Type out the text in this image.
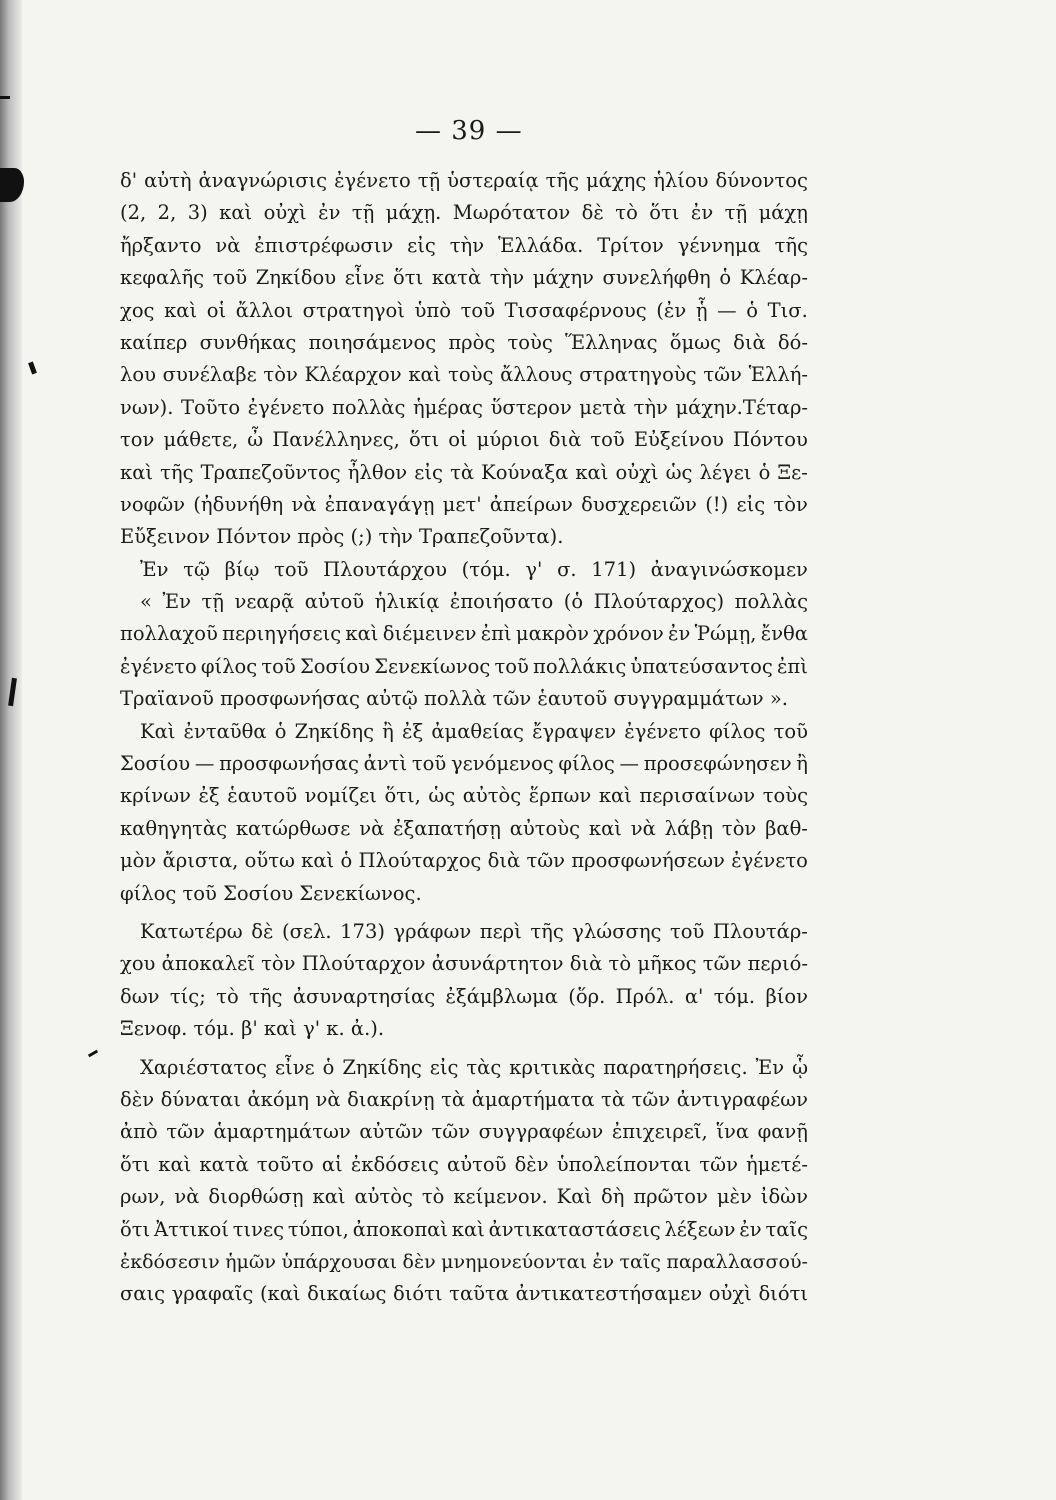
— 39 —
δ' αὐτὴ ἀναγνώρισις ἐγένετο τῇ ὑστεραίᾳ τῆς μάχης ἡλίου δύνοντος
(2, 2, 3) καὶ οὐχὶ ἐν τῇ μάχῃ. Μωρότατον δὲ τὸ ὅτι ἐν τῇ μάχῃ
ἤρξαντο νὰ ἐπιστρέφωσιν εἰς τὴν Ἑλλάδα. Τρίτον γέννημα τῆς
κεφαλῆς τοῦ Ζηκίδου εἶνε ὅτι κατὰ τὴν μάχην συνελήφθη ὁ Κλέαρ-
χος καὶ οἱ ἄλλοι στρατηγοὶ ὑπὸ τοῦ Τισσαφέρνους (ἐν ᾗ — ὁ Τισ.
καίπερ συνθήκας ποιησάμενος πρὸς τοὺς Ἕλληνας ὅμως διὰ δό-
λου συνέλαβε τὸν Κλέαρχον καὶ τοὺς ἄλλους στρατηγοὺς τῶν Ἑλλή-
νων). Τοῦτο ἐγένετο πολλὰς ἡμέρας ὕστερον μετὰ τὴν μάχην.Τέταρ-
τον μάθετε, ὦ Πανέλληνες, ὅτι οἱ μύριοι διὰ τοῦ Εὐξείνου Πόντου
καὶ τῆς Τραπεζοῦντος ἦλθον εἰς τὰ Κούναξα καὶ οὐχὶ ὡς λέγει ὁ Ξε-
νοφῶν (ἠδυνήθη νὰ ἐπαναγάγῃ μετ' ἀπείρων δυσχερειῶν (!) εἰς τὸν
Εὔξεινον Πόντον πρὸς (;) τὴν Τραπεζοῦντα).
Ἐν τῷ βίῳ τοῦ Πλουτάρχου (τόμ. γ' σ. 171) ἀναγινώσκομεν
« Ἐν τῇ νεαρᾷ αὐτοῦ ἡλικίᾳ ἐποιήσατο (ὁ Πλούταρχος) πολλὰς
πολλαχοῦ περιηγήσεις καὶ διέμεινεν ἐπὶ μακρὸν χρόνον ἐν Ῥώμῃ, ἔνθα
ἐγένετο φίλος τοῦ Σοσίου Σενεκίωνος τοῦ πολλάκις ὑπατεύσαντος ἐπὶ
Τραϊανοῦ προσφωνήσας αὐτῷ πολλὰ τῶν ἑαυτοῦ συγγραμμάτων ».
Καὶ ἐνταῦθα ὁ Ζηκίδης ἢ ἐξ ἀμαθείας ἔγραψεν ἐγένετο φίλος τοῦ
Σοσίου — προσφωνήσας ἀντὶ τοῦ γενόμενος φίλος — προσεφώνησεν ἢ
κρίνων ἐξ ἑαυτοῦ νομίζει ὅτι, ὡς αὐτὸς ἕρπων καὶ περισαίνων τοὺς
καθηγητὰς κατώρθωσε νὰ ἐξαπατήσῃ αὐτοὺς καὶ νὰ λάβῃ τὸν βαθ-
μὸν ἄριστα, οὕτω καὶ ὁ Πλούταρχος διὰ τῶν προσφωνήσεων ἐγένετο
φίλος τοῦ Σοσίου Σενεκίωνος.
Κατωτέρω δὲ (σελ. 173) γράφων περὶ τῆς γλώσσης τοῦ Πλουτάρ-
χου ἀποκαλεῖ τὸν Πλούταρχον ἀσυνάρτητον διὰ τὸ μῆκος τῶν περιό-
δων τίς; τὸ τῆς ἀσυναρτησίας ἐξάμβλωμα (ὅρ. Πρόλ. α' τόμ. βίον
Ξενοφ. τόμ. β' καὶ γ' κ. ἀ.).
Χαριέστατος εἶνε ὁ Ζηκίδης εἰς τὰς κριτικὰς παρατηρήσεις. Ἐν ᾧ
δὲν δύναται ἀκόμη νὰ διακρίνῃ τὰ ἁμαρτήματα τὰ τῶν ἀντιγραφέων
ἀπὸ τῶν ἁμαρτημάτων αὐτῶν τῶν συγγραφέων ἐπιχειρεῖ, ἵνα φανῇ
ὅτι καὶ κατὰ τοῦτο αἱ ἐκδόσεις αὐτοῦ δὲν ὑπολείπονται τῶν ἡμετέ-
ρων, νὰ διορθώσῃ καὶ αὐτὸς τὸ κείμενον. Καὶ δὴ πρῶτον μὲν ἰδὼν
ὅτι Ἀττικοί τινες τύποι, ἀποκοπαὶ καὶ ἀντικαταστάσεις λέξεων ἐν ταῖς
ἐκδόσεσιν ἡμῶν ὑπάρχουσαι δὲν μνημονεύονται ἐν ταῖς παραλλασσού-
σαις γραφαῖς (καὶ δικαίως διότι ταῦτα ἀντικατεστήσαμεν οὐχὶ διότι
